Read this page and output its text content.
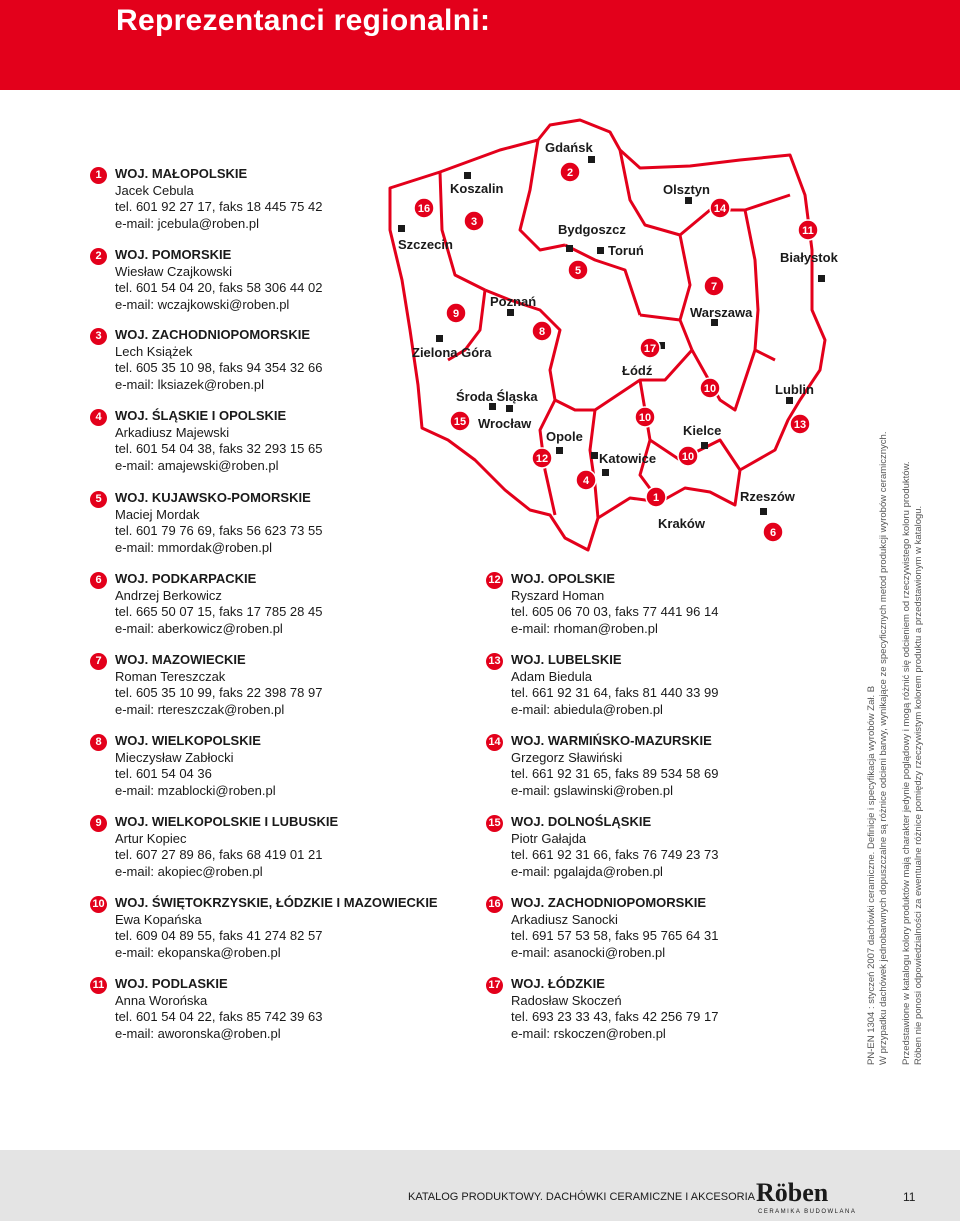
Reprezentanci regionalni:
1	WOJ. MAŁOPOLSKIE
Jacek Cebula
tel. 601 92 27 17, faks 18 445 75 42
e-mail: jcebula@roben.pl
2	WOJ. POMORSKIE
Wiesław Czajkowski
tel. 601 54 04 20, faks 58 306 44 02
e-mail: wczajkowski@roben.pl
3	WOJ. ZACHODNIOPOMORSKIE
Lech Książek
tel. 605 35 10 98, faks 94 354 32 66
e-mail: lksiazek@roben.pl
4	WOJ. ŚLĄSKIE I OPOLSKIE
Arkadiusz Majewski
tel. 601 54 04 38, faks 32 293 15 65
e-mail: amajewski@roben.pl
5	WOJ. KUJAWSKO-POMORSKIE
Maciej Mordak
tel. 601 79 76 69, faks 56 623 73 55
e-mail: mmordak@roben.pl
6	WOJ. PODKARPACKIE
Andrzej Berkowicz
tel. 665 50 07 15, faks 17 785 28 45
e-mail: aberkowicz@roben.pl
7	WOJ. MAZOWIECKIE
Roman Tereszczak
tel. 605 35 10 99, faks 22 398 78 97
e-mail: rtereszczak@roben.pl
8	WOJ. WIELKOPOLSKIE
Mieczysław Zabłocki
tel. 601 54 04 36
e-mail: mzablocki@roben.pl
9	WOJ. WIELKOPOLSKIE I LUBUSKIE
Artur Kopiec
tel. 607 27 89 86, faks 68 419 01 21
e-mail: akopiec@roben.pl
10 WOJ. ŚWIĘTOKRZYSKIE, ŁÓDZKIE I MAZOWIECKIE
Ewa Kopańska
tel. 609 04 89 55, faks 41 274 82 57
e-mail: ekopanska@roben.pl
11 WOJ. PODLASKIE
Anna Worońska
tel. 601 54 04 22, faks 85 742 39 63
e-mail: aworonska@roben.pl
12 WOJ. OPOLSKIE
Ryszard Homan
tel. 605 06 70 03, faks 77 441 96 14
e-mail: rhoman@roben.pl
13 WOJ. LUBELSKIE
Adam Biedula
tel. 661 92 31 64, faks 81 440 33 99
e-mail: abiedula@roben.pl
14 WOJ. WARMIŃSKO-MAZURSKIE
Grzegorz Sławiński
tel. 661 92 31 65, faks 89 534 58 69
e-mail: gslawinski@roben.pl
15 WOJ. DOLNOŚLĄSKIE
Piotr Gałajda
tel. 661 92 31 66, faks 76 749 23 73
e-mail: pgalajda@roben.pl
16 WOJ. ZACHODNIOPOMORSKIE
Arkadiusz Sanocki
tel. 691 57 53 58, faks 95 765 64 31
e-mail: asanocki@roben.pl
17 WOJ. ŁÓDZKIE
Radosław Skoczeń
tel. 693 23 33 43, faks 42 256 79 17
e-mail: rskoczen@roben.pl
Gdańsk
Koszalin
Szczecin
Olsztyn
Bydgoszcz
Toruń	Białystok
Poznań
Warszawa
Zielona Góra
Łódź
Lublin
Środa Śląska
Wrocław
Opole	Kielce
Katowice
Rzeszów
Kraków
2
16
3
14
11
5
7
9
8
17
10
15	10
12	10
13
4
1
6
PN-EN 1304 : styczeń 2007 dachówki ceramiczne. Definicje i specyfikacja wyrobów Zał. B W przypadku dachówek jednobarwnych dopuszczalne są różnice odcieni barwy, wynikające ze specyficznych metod produkcji wyrobów ceramicznych. Przedstawione w katalogu kolory produktów mają charakter jedynie poglądowy i mogą różnić się odcieniem od rzeczywistego koloru produktów. Röben nie ponosi odpowiedzialności za ewentualne różnice pomiędzy rzeczywistym kolorem produktu a przedstawionym w katalogu.
KATALOG PRODUKTOWY. DACHÓWKI CERAMICZNE I AKCESORIA Röben
CERAMIKA BUDOWLANA
11
